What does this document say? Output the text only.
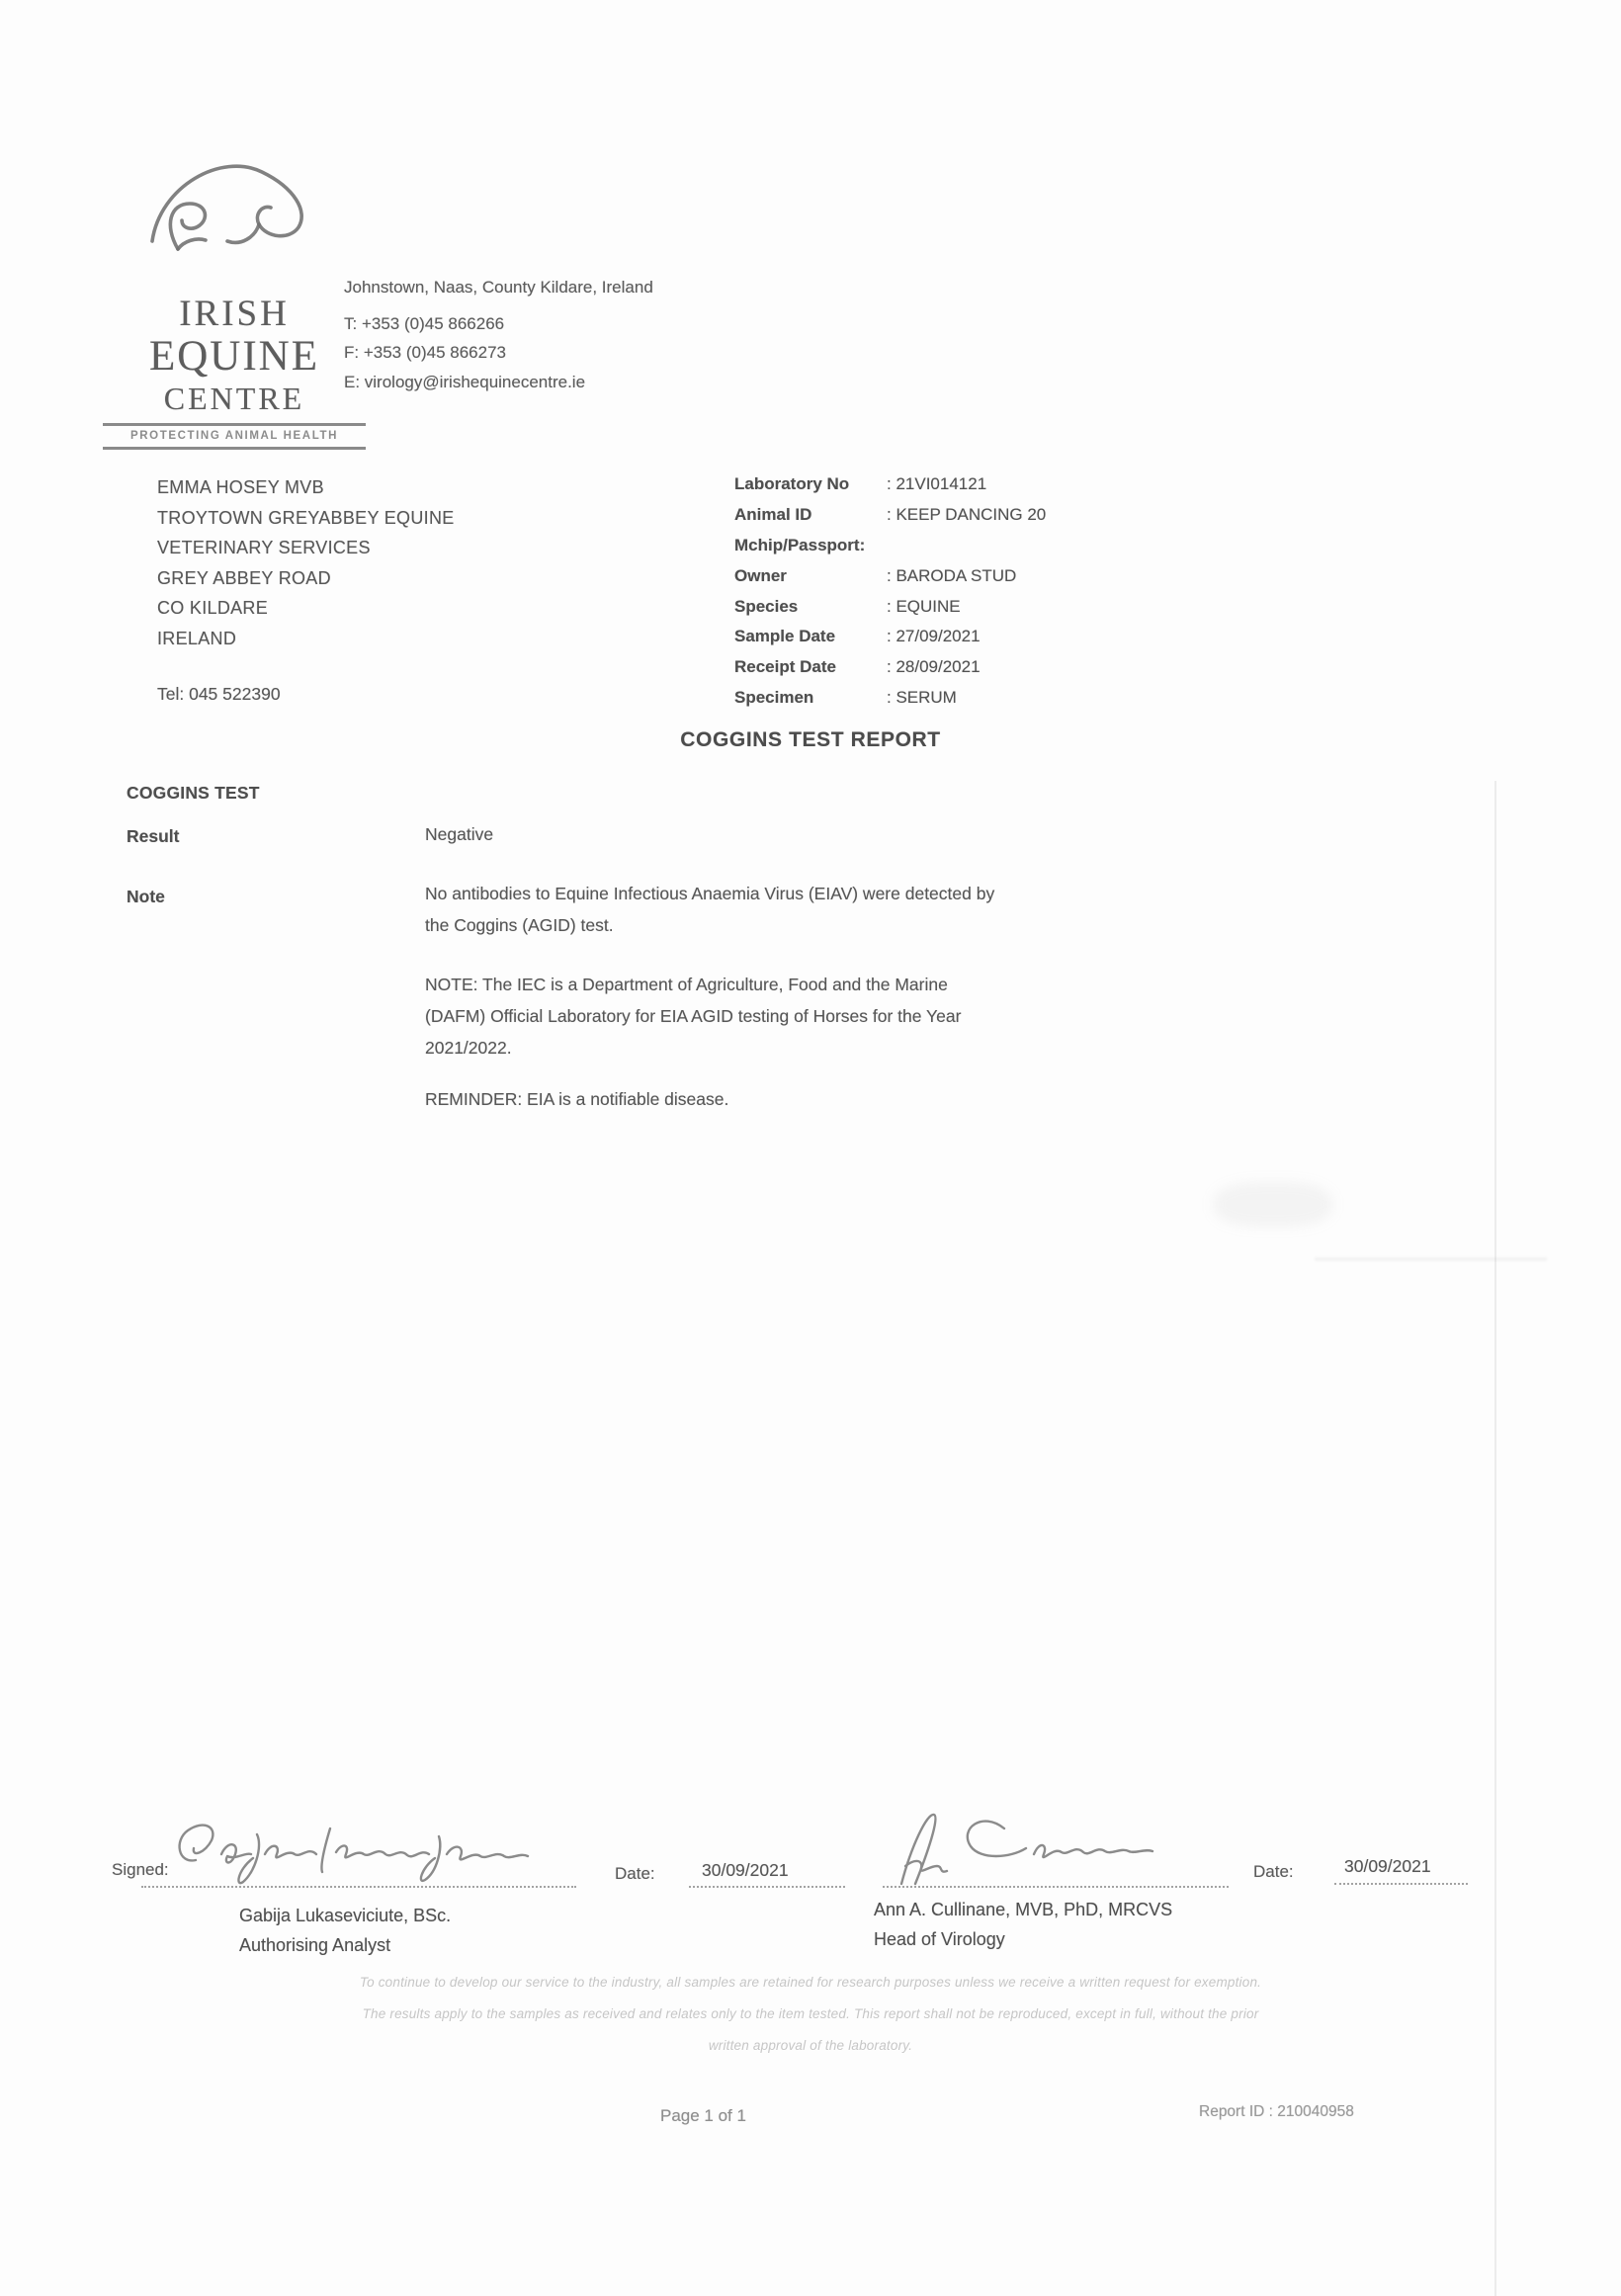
IRISH
EQUINE
CENTRE
PROTECTING ANIMAL HEALTH
Johnstown, Naas, County Kildare, Ireland
T: +353 (0)45 866266
F: +353 (0)45 866273
E: virology@irishequinecentre.ie
EMMA HOSEY MVB
TROYTOWN GREYABBEY EQUINE
VETERINARY SERVICES
GREY ABBEY ROAD
CO KILDARE
IRELAND
Tel: 045 522390
Laboratory No : 21VI014121
Animal ID	: KEEP DANCING 20
Mchip/Passport:
Owner	: BARODA STUD
Species	: EQUINE
Sample Date	: 27/09/2021
Receipt Date	: 28/09/2021
Specimen	: SERUM
COGGINS TEST REPORT
COGGINS TEST
Result	Negative
Note	No antibodies to Equine Infectious Anaemia Virus (EIAV) were detected by
the Coggins (AGID) test.
NOTE: The IEC is a Department of Agriculture, Food and the Marine
(DAFM) Official Laboratory for EIA AGID testing of Horses for the Year
2021/2022.
REMINDER: EIA is a notifiable disease.
Signed:	Date:	30/09/2021	Date:	30/09/2021
Gabija Lukaseviciute, BSc.
Authorising Analyst
Ann A. Cullinane, MVB, PhD, MRCVS
Head of Virology
To continue to develop our service to the industry, all samples are retained for research purposes unless we receive a written request for exemption.
The results apply to the samples as received and relates only to the item tested. This report shall not be reproduced, except in full, without the prior
written approval of the laboratory.
Page 1 of 1	Report ID : 210040958
